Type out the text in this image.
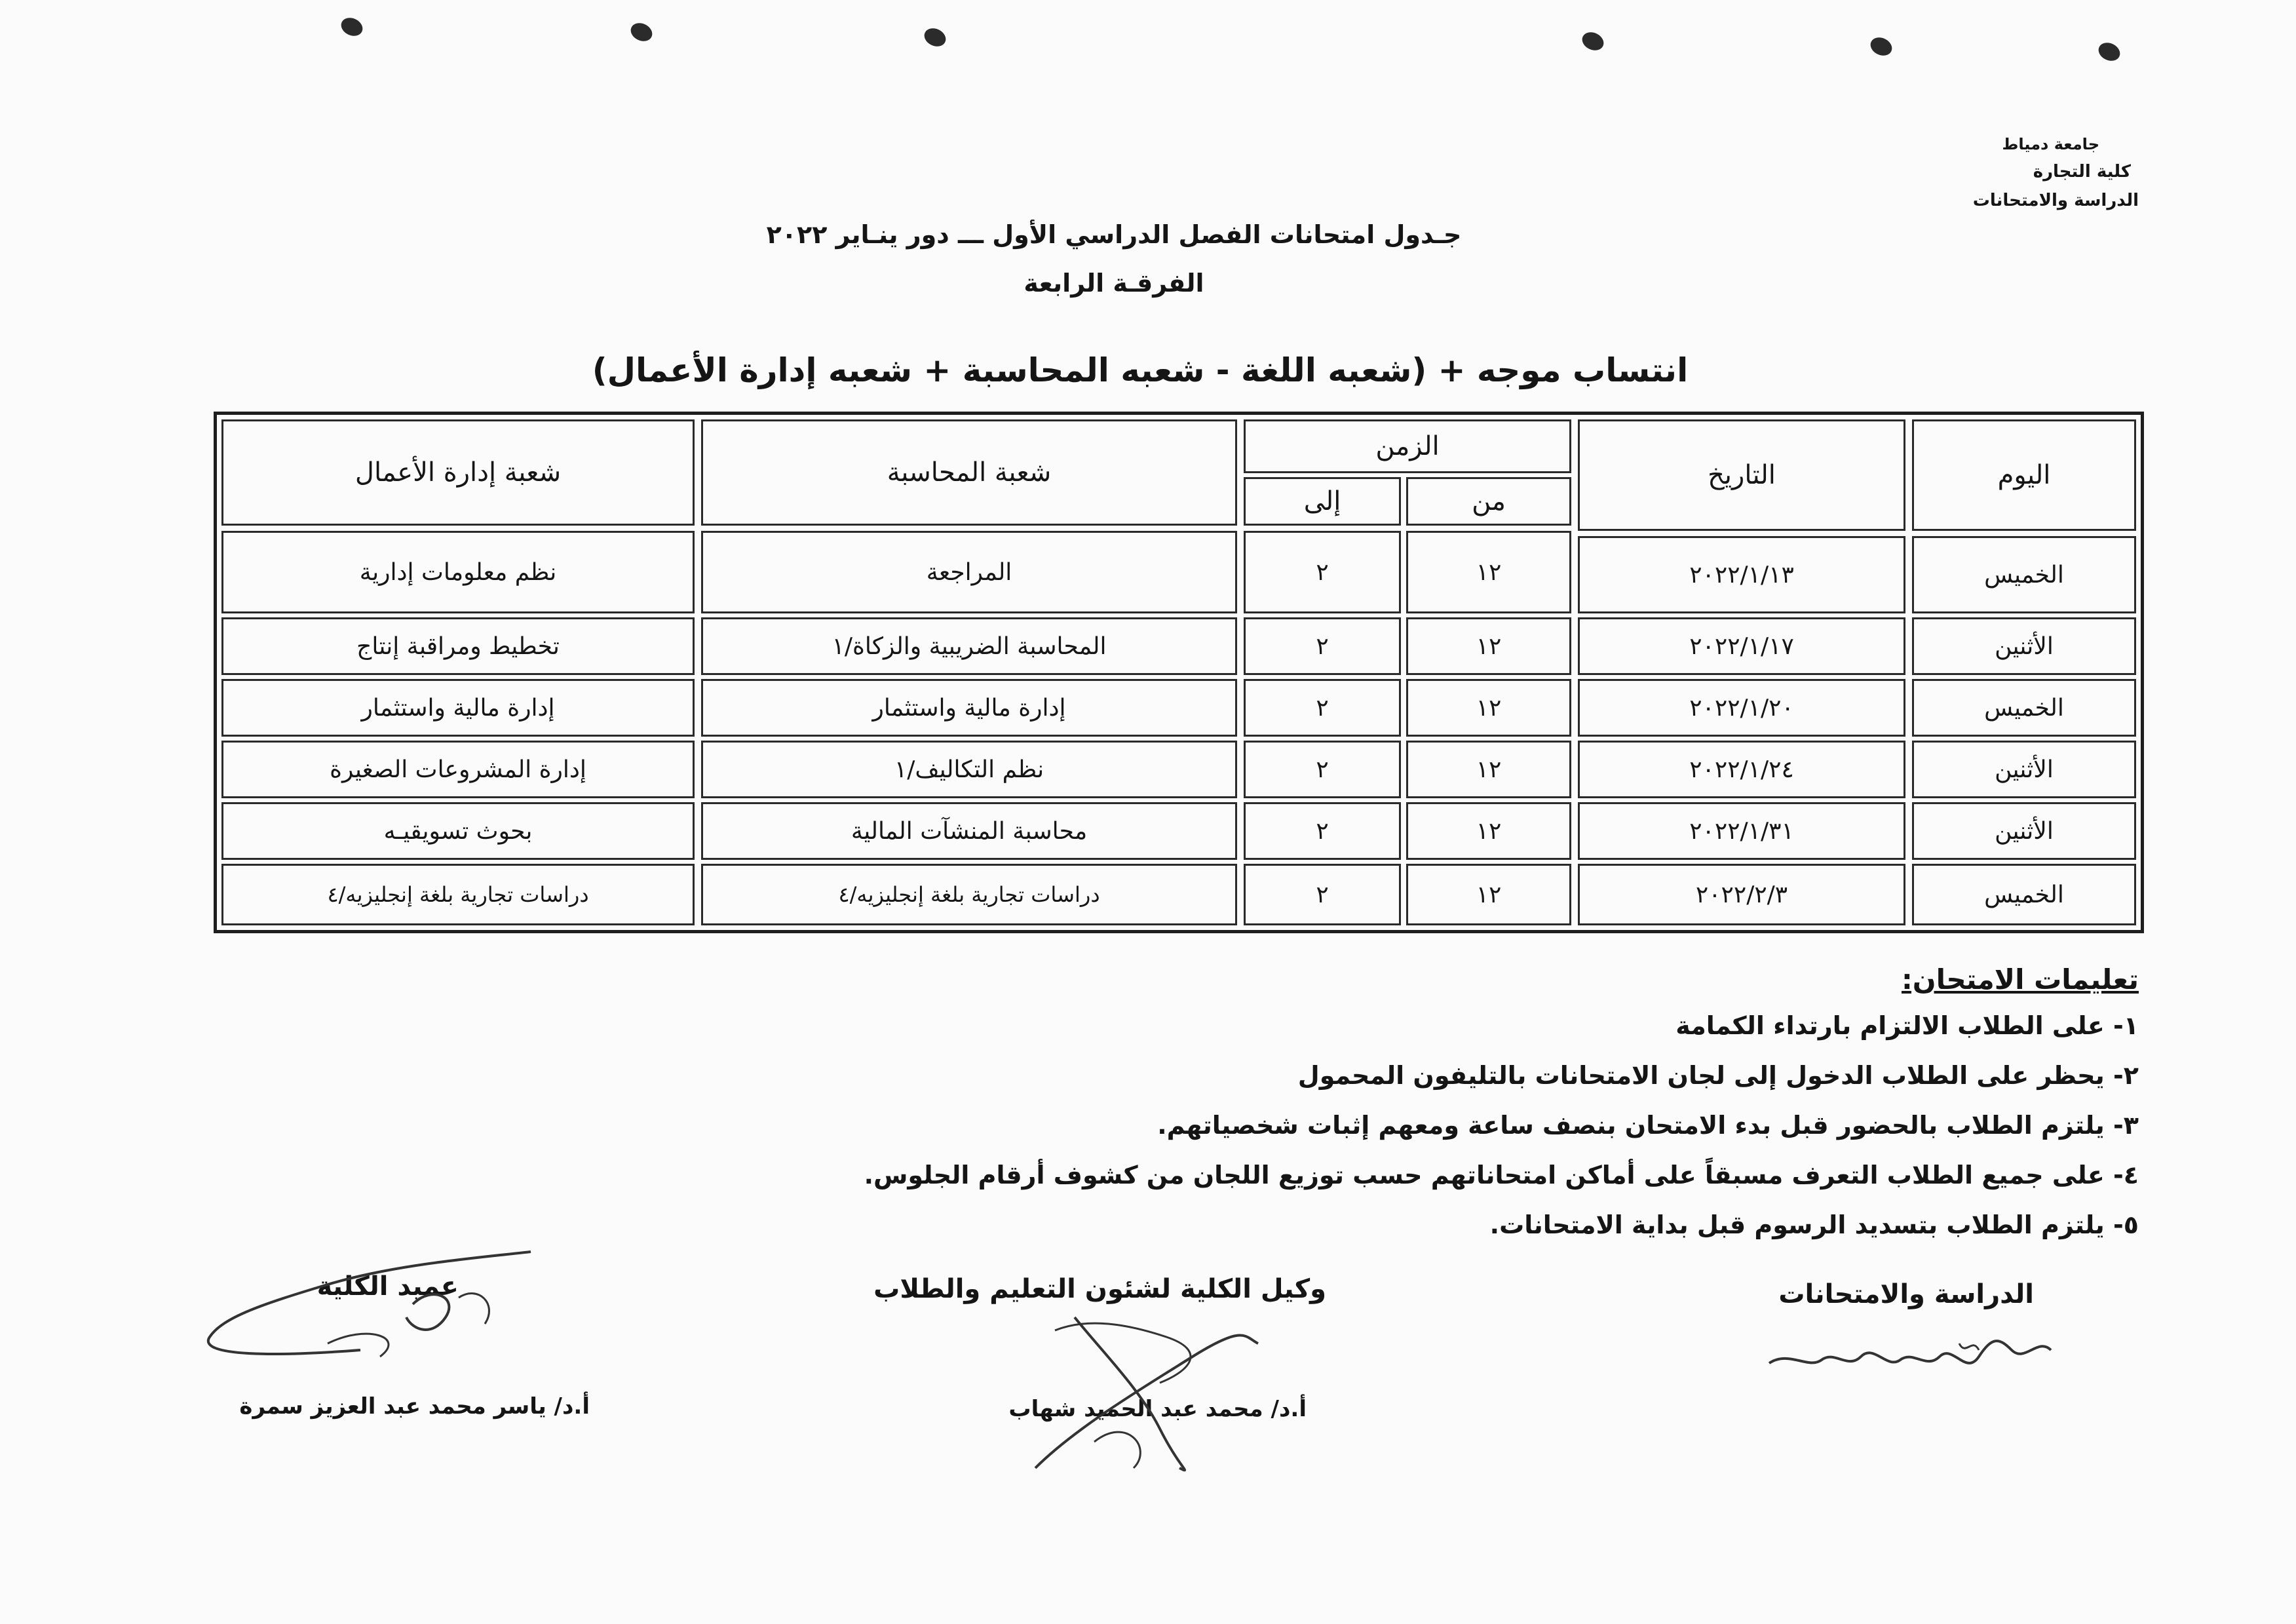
جامعة دمياط
كلية التجارة
الدراسة والامتحانات
جـدول امتحانات الفصل الدراسي الأول ـــ دور ينـاير ٢٠٢٢
الفرقـة الرابعة
انتساب موجه + (شعبه اللغة - شعبه المحاسبة + شعبه إدارة الأعمال)
شعبة إدارة الأعمال	شعبة المحاسبة
الزمن
إلى	من
التاريخ	اليوم
نظم معلومات إدارية	المراجعة	٢	١٢	٢٠٢٢/١/١٣	الخميس
تخطيط ومراقبة إنتاج	المحاسبة الضريبية والزكاة/١	٢	١٢	٢٠٢٢/١/١٧	الأثنين
إدارة مالية واستثمار	إدارة مالية واستثمار	٢	١٢	٢٠٢٢/١/٢٠	الخميس
إدارة المشروعات الصغيرة	نظم التكاليف/١	٢	١٢	٢٠٢٢/١/٢٤	الأثنين
بحوث تسويقيـه	محاسبة المنشآت المالية	٢	١٢	٢٠٢٢/١/٣١	الأثنين
دراسات تجارية بلغة إنجليزيه/٤	دراسات تجارية بلغة إنجليزيه/٤	٢	١٢	٢٠٢٢/٢/٣	الخميس
تعليمات الامتحان:
١- على الطلاب الالتزام بارتداء الكمامة
٢- يحظر على الطلاب الدخول إلى لجان الامتحانات بالتليفون المحمول
٣- يلتزم الطلاب بالحضور قبل بدء الامتحان بنصف ساعة ومعهم إثبات شخصياتهم.
٤- على جميع الطلاب التعرف مسبقاً على أماكن امتحاناتهم حسب توزيع اللجان من كشوف أرقام الجلوس.
٥- يلتزم الطلاب بتسديد الرسوم قبل بداية الامتحانات.
الدراسة والامتحانات
وكيل الكلية لشئون التعليم والطلاب
عميد الكلية
أ.د/ محمد عبد الحميد شهاب
أ.د/ ياسر محمد عبد العزيز سمرة
